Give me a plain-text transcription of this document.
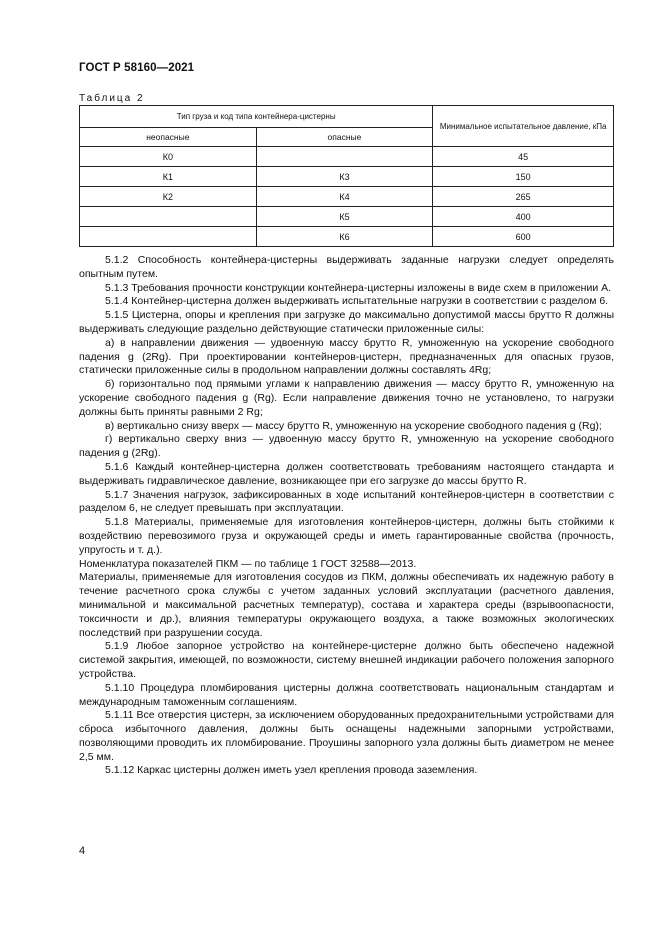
ГОСТ Р 58160—2021
Таблица 2
Тип груза и код типа контейнера-цистерны		Минимальное испытательное давление, кПа
неопасные	опасные	
К0		45
К1	К3	150
К2	К4	265
	К5	400
	К6	600

5.1.2 Способность контейнера-цистерны выдерживать заданные нагрузки следует определять опытным путем.

5.1.3 Требования прочности конструкции контейнера-цистерны изложены в виде схем в приложении А.

5.1.4 Контейнер-цистерна должен выдерживать испытательные нагрузки в соответствии с разделом 6.

5.1.5 Цистерна, опоры и крепления при загрузке до максимально допустимой массы брутто R должны выдерживать следующие раздельно действующие статически приложенные силы:

а) в направлении движения — удвоенную массу брутто R, умноженную на ускорение свободного падения g (2Rg). При проектировании контейнеров-цистерн, предназначенных для опасных грузов, статически приложенные силы в продольном направлении должны составлять 4Rg;

б) горизонтально под прямыми углами к направлению движения — массу брутто R, умноженную на ускорение свободного падения g (Rg). Если направление движения точно не установлено, то нагрузки должны быть приняты равными 2 Rg;

в) вертикально снизу вверх — массу брутто R, умноженную на ускорение свободного падения g (Rg);

г) вертикально сверху вниз — удвоенную массу брутто R, умноженную на ускорение свободного падения g (2Rg).

5.1.6 Каждый контейнер-цистерна должен соответствовать требованиям настоящего стандарта и выдерживать гидравлическое давление, возникающее при его загрузке до массы брутто R.

5.1.7 Значения нагрузок, зафиксированных в ходе испытаний контейнеров-цистерн в соответствии с разделом 6, не следует превышать при эксплуатации.

5.1.8 Материалы, применяемые для изготовления контейнеров-цистерн, должны быть стойкими к воздействию перевозимого груза и окружающей среды и иметь гарантированные свойства (прочность, упругость и т. д.).

Номенклатура показателей ПКМ — по таблице 1 ГОСТ 32588—2013.

Материалы, применяемые для изготовления сосудов из ПКМ, должны обеспечивать их надежную работу в течение расчетного срока службы с учетом заданных условий эксплуатации (расчетного давления, минимальной и максимальной расчетных температур), состава и характера среды (взрывоопасности, токсичности и др.), влияния температуры окружающего воздуха, а также возможных экологических последствий при разрушении сосуда.

5.1.9 Любое запорное устройство на контейнере-цистерне должно быть обеспечено надежной системой закрытия, имеющей, по возможности, систему внешней индикации рабочего положения запорного устройства.

5.1.10 Процедура пломбирования цистерны должна соответствовать национальным стандартам и международным таможенным соглашениям.

5.1.11 Все отверстия цистерн, за исключением оборудованных предохранительными устройствами для сброса избыточного давления, должны быть оснащены надежными запорными устройствами, позволяющими проводить их пломбирование. Проушины запорного узла должны быть диаметром не менее 2,5 мм.

5.1.12 Каркас цистерны должен иметь узел крепления провода заземления.

4
